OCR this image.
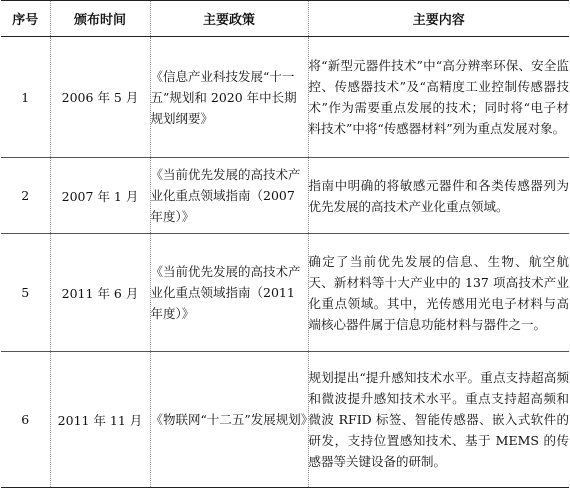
序号	颁布时间	主要政策	主要内容
1	2006 年 5 月	《信息产业科技发展“十一五”规划和 2020 年中长期规划纲要》	将“新型元器件技术”中“高分辨率环保、安全监控、传感器技术”及“高精度工业控制传感器技术”作为需要重点发展的技术；同时将“电子材料技术”中将“传感器材料”列为重点发展对象。

2	2007 年 1 月	《当前优先发展的高技术产业化重点领域指南（2007 年度）》	指南中明确的将敏感元器件和各类传感器列为优先发展的高技术产业化重点领域。

5	2011 年 6 月	《当前优先发展的高技术产业化重点领域指南（2011 年度）》	确定了当前优先发展的信息、生物、航空航天、新材料等十大产业中的 137 项高技术产业化重点领域。其中，光传感用光电子材料与高端核心器件属于信息功能材料与器件之一。

6	2011 年 11 月	《物联网“十二五”发展规划》	规划提出“提升感知技术水平。重点支持超高频和微波提升感知技术水平。重点支持超高频和微波 RFID 标签、智能传感器、嵌入式软件的研发，支持位置感知技术、基于 MEMS 的传感器等关键设备的研制。
